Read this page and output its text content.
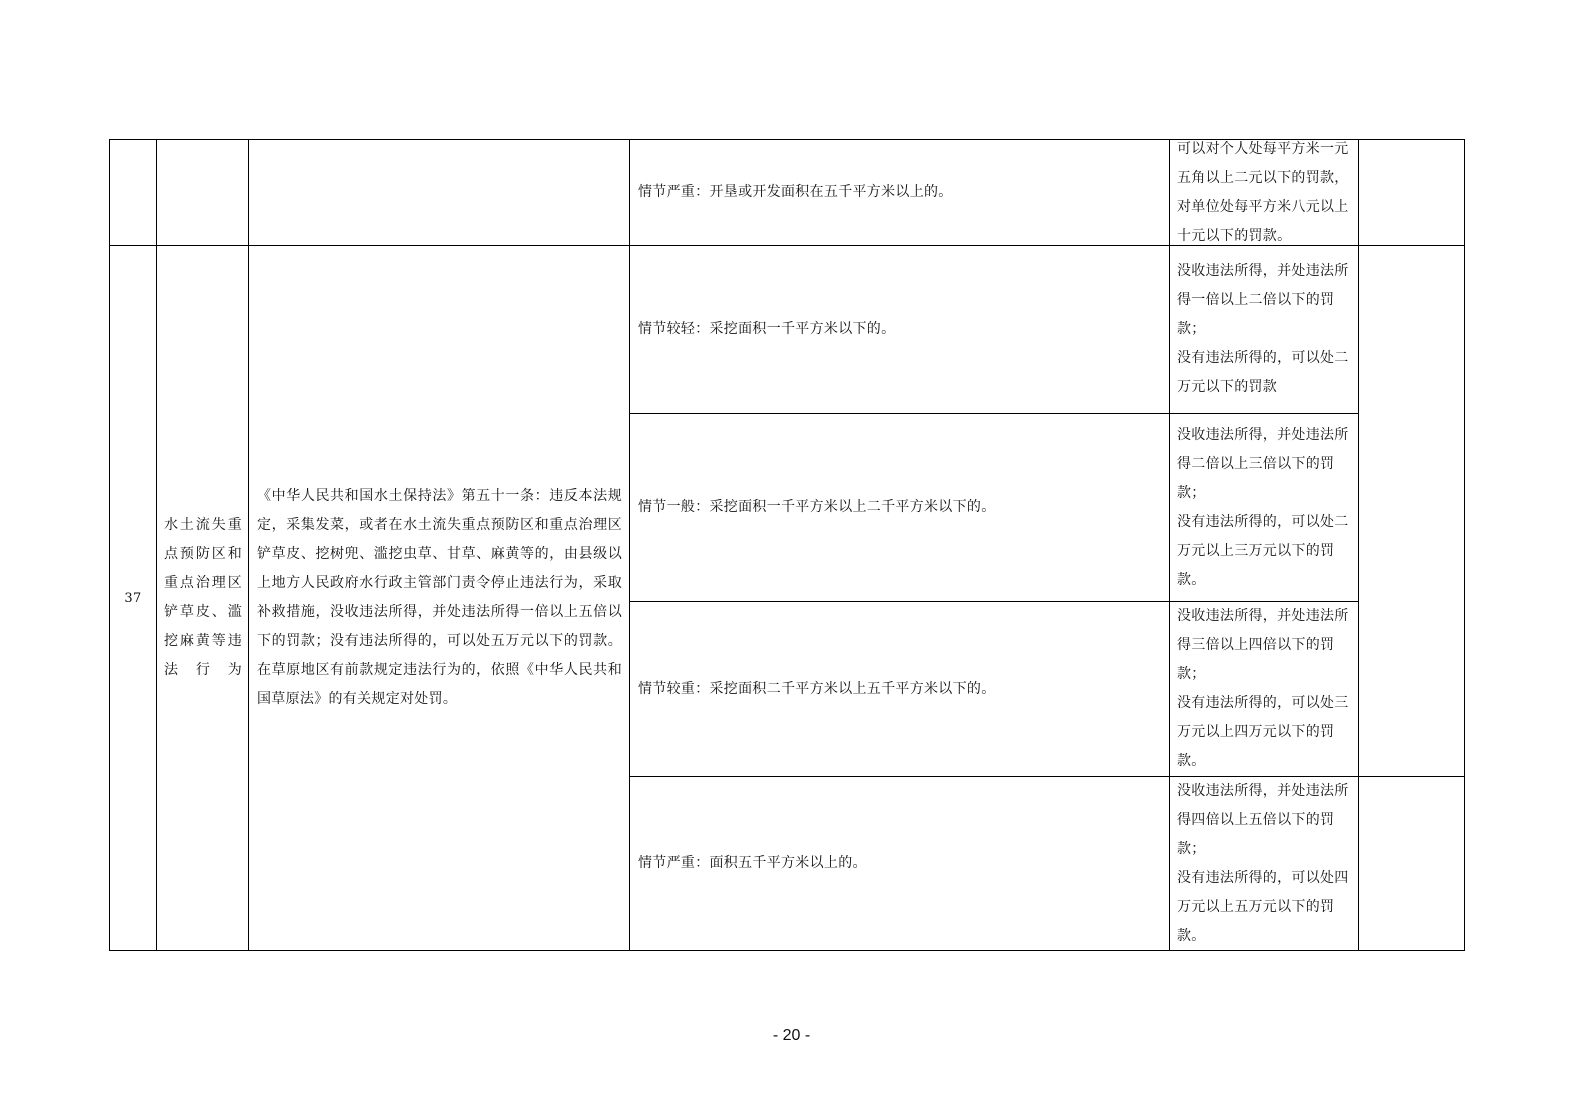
情节严重：开垦或开发面积在五千平方米以上的。
可以对个人处每平方米一元五角以上二元以下的罚款，对单位处每平方米八元以上十元以下的罚款。
37
水土流失重点预防区和重点治理区铲草皮、滥挖麻黄等违法行为
《中华人民共和国水土保持法》第五十一条：违反本法规定，采集发菜，或者在水土流失重点预防区和重点治理区铲草皮、挖树兜、滥挖虫草、甘草、麻黄等的，由县级以上地方人民政府水行政主管部门责令停止违法行为，采取补救措施，没收违法所得，并处违法所得一倍以上五倍以下的罚款；没有违法所得的，可以处五万元以下的罚款。在草原地区有前款规定违法行为的，依照《中华人民共和国草原法》的有关规定对处罚。
情节较轻：采挖面积一千平方米以下的。
没收违法所得，并处违法所得一倍以上二倍以下的罚款；
没有违法所得的，可以处二万元以下的罚款
情节一般：采挖面积一千平方米以上二千平方米以下的。
没收违法所得，并处违法所得二倍以上三倍以下的罚款；
没有违法所得的，可以处二万元以上三万元以下的罚款。
情节较重：采挖面积二千平方米以上五千平方米以下的。
没收违法所得，并处违法所得三倍以上四倍以下的罚款；
没有违法所得的，可以处三万元以上四万元以下的罚款。
情节严重：面积五千平方米以上的。
没收违法所得，并处违法所得四倍以上五倍以下的罚款；
没有违法所得的，可以处四万元以上五万元以下的罚款。
- 20 -
